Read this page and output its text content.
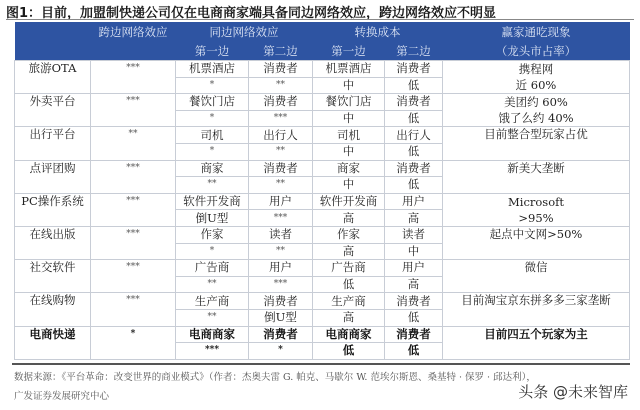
图1：目前，加盟制快递公司仅在电商商家端具备同边网络效应，跨边网络效应不明显
	跨边网络效应	同边网络效应		转换成本		赢家通吃现象
		第一边	第二边	第一边	第二边	（龙头市占率）
旅游OTA	***	机票酒店	消费者	机票酒店	消费者	携程网
近 60%
		*	**	中	低	
外卖平台	***	餐饮门店	消费者	餐饮门店	消费者	美团约 60%
饿了么约 40%
		*	***	中	低	
出行平台	**	司机	出行人	司机	出行人	目前整合型玩家占优
		*	**	中	低	
点评团购	***	商家	消费者	商家	消费者	新美大垄断
		**	**	中	低	
PC操作系统	***	软件开发商	用户	软件开发商	用户	Microsoft
>95%
		倒U型	***	高	高	
在线出版	***	作家	读者	作家	读者	起点中文网>50%
		*	**	高	中	
社交软件	***	广告商	用户	广告商	用户	微信
		**	***	低	高	
在线购物	***	生产商	消费者	生产商	消费者	目前淘宝京东拼多多三家垄断
		**	倒U型	高	低	
电商快递	*	电商商家	消费者	电商商家	消费者	目前四五个玩家为主
		***	*	低	低	
数据来源：《平台革命：改变世界的商业模式》（作者：杰奥夫雷 G. 帕克、马歇尔 W. 范埃尔斯恩、桑基特 · 保罗 · 邱达利），
广发证券发展研究中心	头条 @未来智库
